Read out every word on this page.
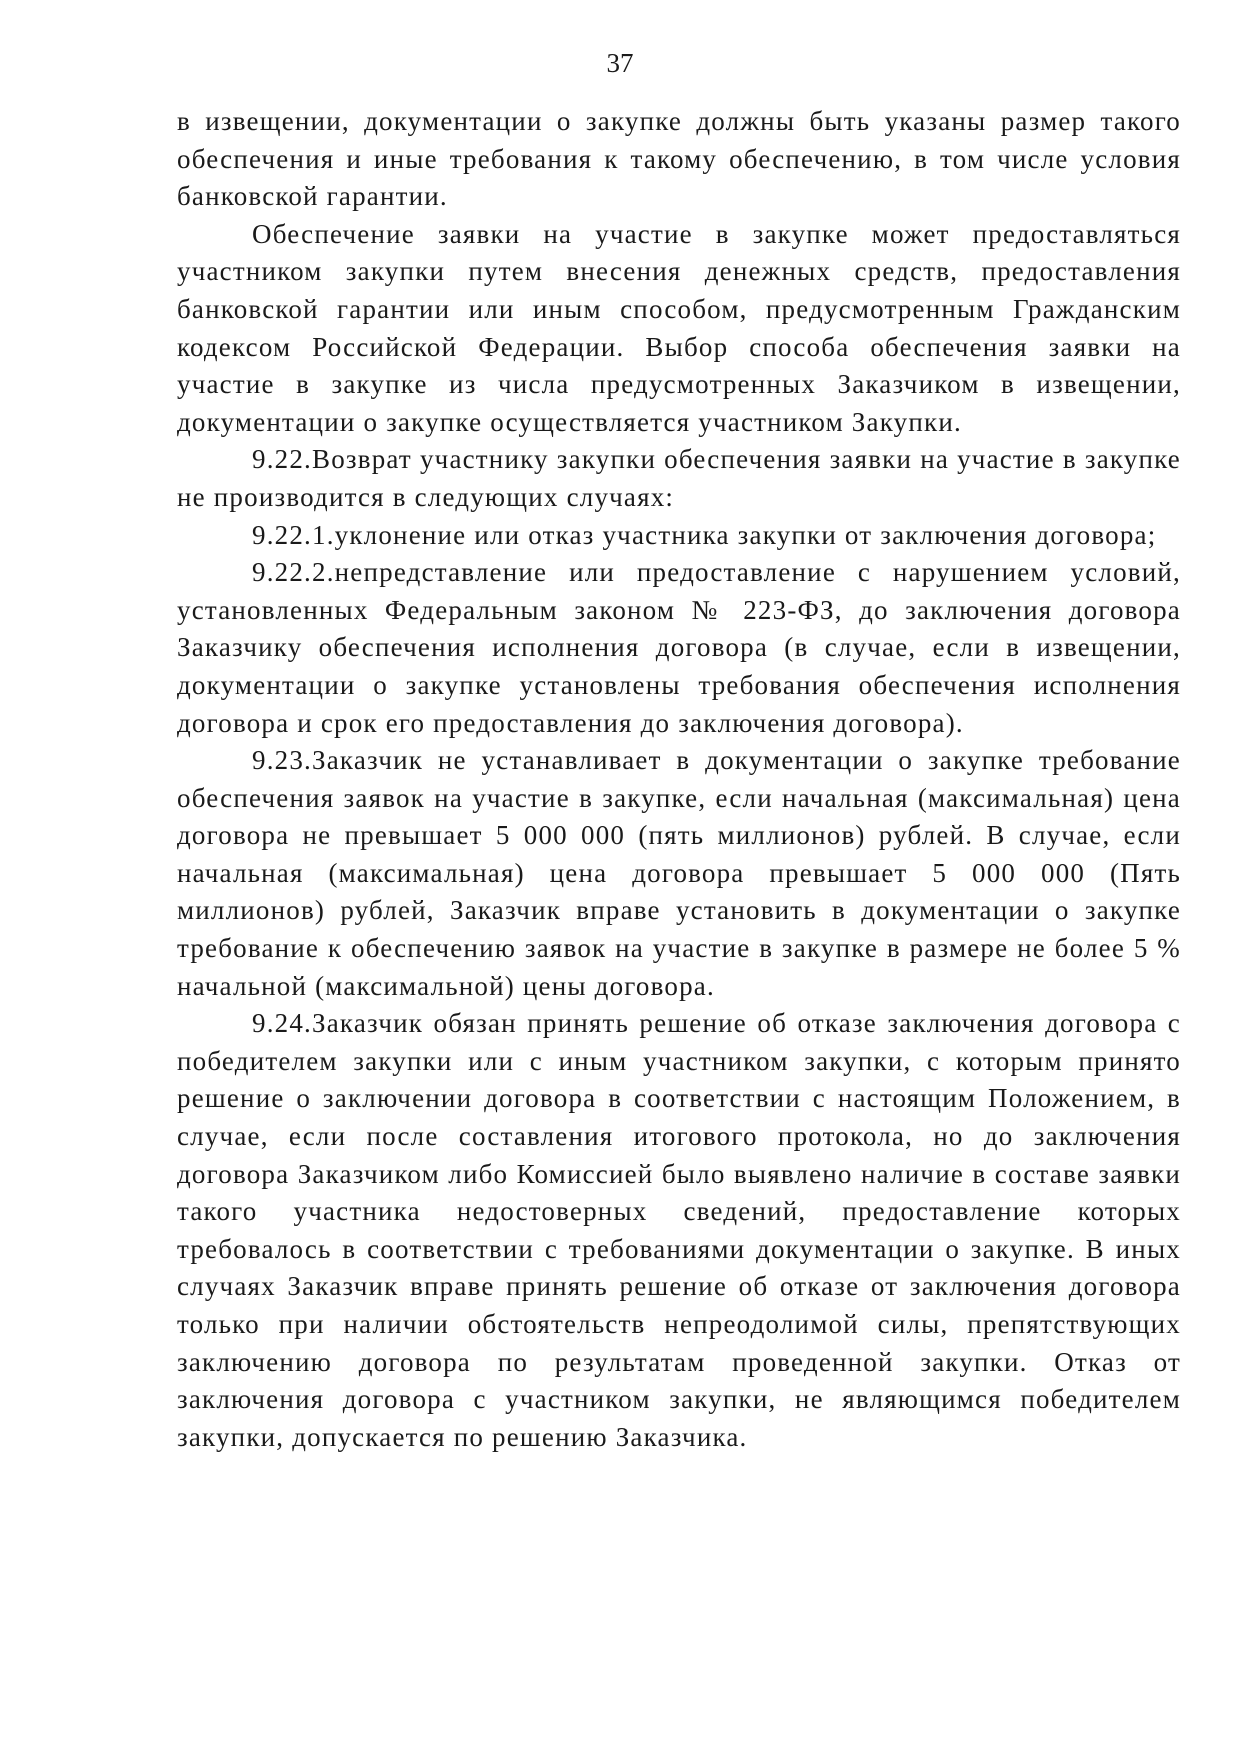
37

в извещении, документации о закупке должны быть указаны размер такого обеспечения и иные требования к такому обеспечению, в том числе условия банковской гарантии.

Обеспечение заявки на участие в закупке может предоставляться участником закупки путем внесения денежных средств, предоставления банковской гарантии или иным способом, предусмотренным Гражданским кодексом Российской Федерации. Выбор способа обеспечения заявки на участие в закупке из числа предусмотренных Заказчиком в извещении, документации о закупке осуществляется участником Закупки.

9.22.Возврат участнику закупки обеспечения заявки на участие в закупке не производится в следующих случаях:

9.22.1.уклонение или отказ участника закупки от заключения договора;

9.22.2.непредставление или предоставление с нарушением условий, установленных Федеральным законом № 223-ФЗ, до заключения договора Заказчику обеспечения исполнения договора (в случае, если в извещении, документации о закупке установлены требования обеспечения исполнения договора и срок его предоставления до заключения договора).

9.23.Заказчик не устанавливает в документации о закупке требование обеспечения заявок на участие в закупке, если начальная (максимальная) цена договора не превышает 5 000 000 (пять миллионов) рублей. В случае, если начальная (максимальная) цена договора превышает 5 000 000 (Пять миллионов) рублей, Заказчик вправе установить в документации о закупке требование к обеспечению заявок на участие в закупке в размере не более 5 % начальной (максимальной) цены договора.

9.24.Заказчик обязан принять решение об отказе заключения договора с победителем закупки или с иным участником закупки, с которым принято решение о заключении договора в соответствии с настоящим Положением, в случае, если после составления итогового протокола, но до заключения договора Заказчиком либо Комиссией было выявлено наличие в составе заявки такого участника недостоверных сведений, предоставление которых требовалось в соответствии с требованиями документации о закупке. В иных случаях Заказчик вправе принять решение об отказе от заключения договора только при наличии обстоятельств непреодолимой силы, препятствующих заключению договора по результатам проведенной закупки. Отказ от заключения договора с участником закупки, не являющимся победителем закупки, допускается по решению Заказчика.
